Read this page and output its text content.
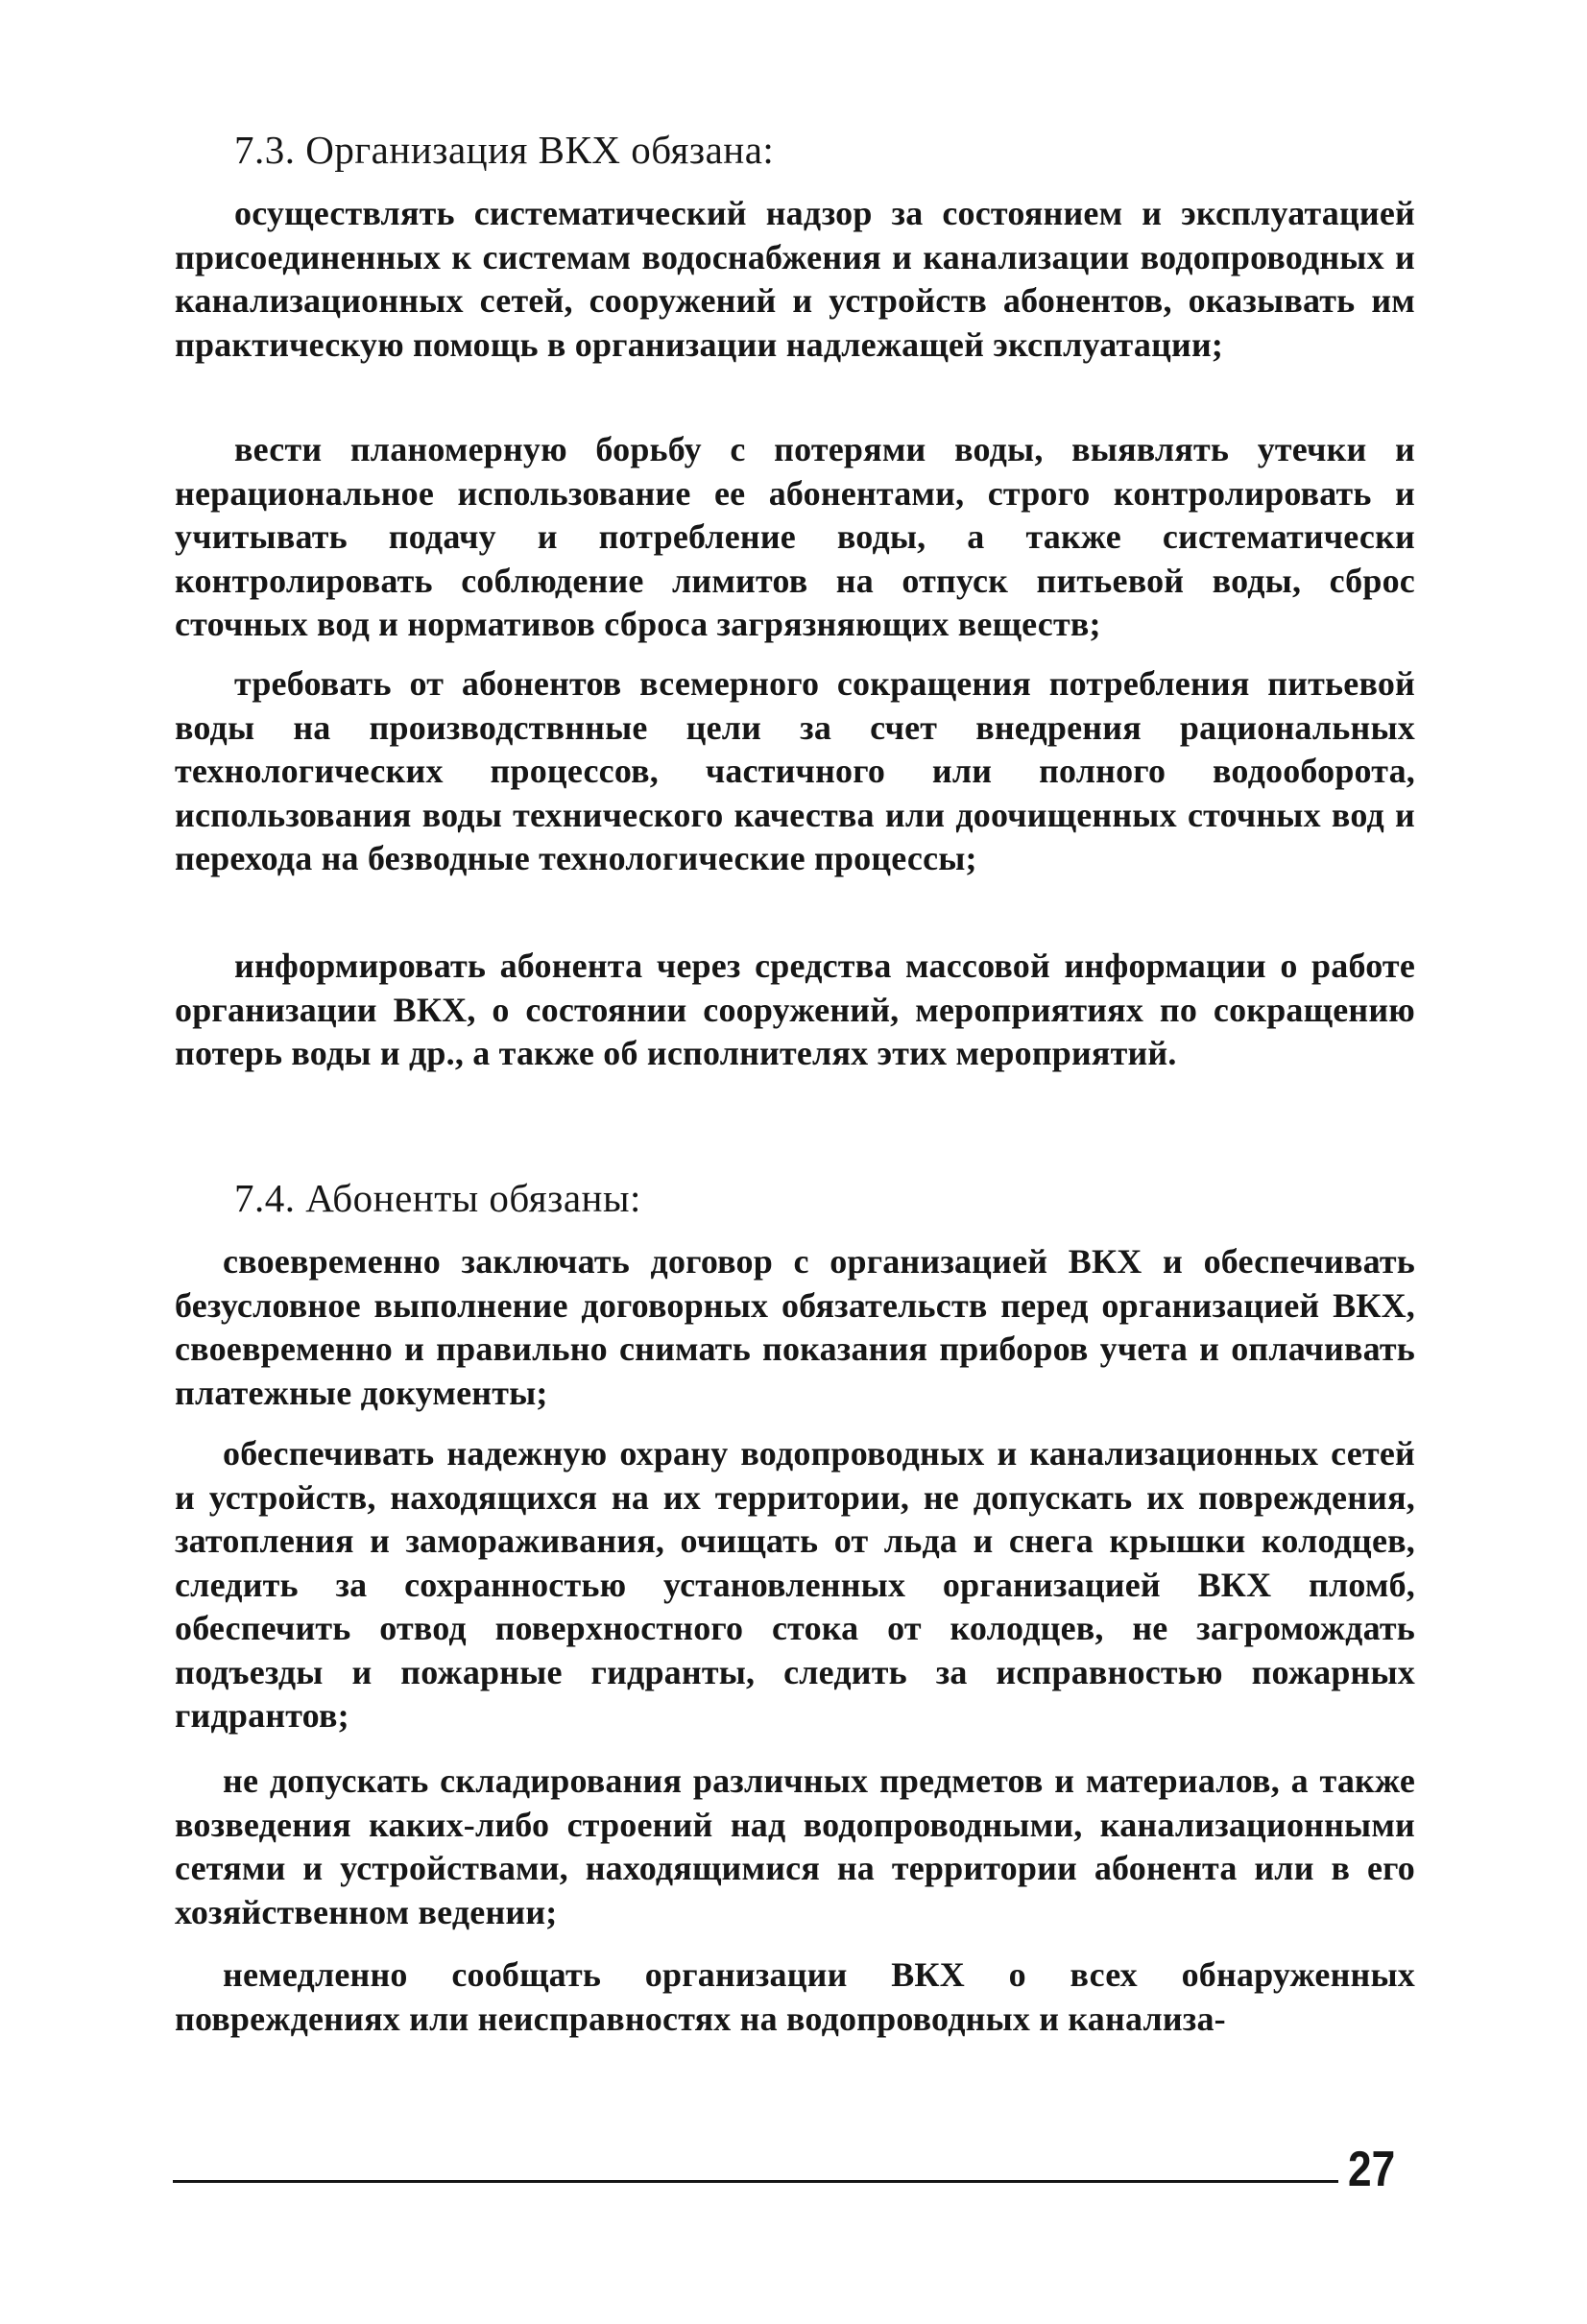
7.3. Организация ВКХ обязана:

осуществлять систематический надзор за состоянием и эксплуатацией присоединенных к системам водоснабжения и канализации водопроводных и канализационных сетей, сооружений и устройств абонентов, оказывать им практическую помощь в организации надлежащей эксплуатации;

вести планомерную борьбу с потерями воды, выявлять утечки и нерациональное использование ее абонентами, строго контролировать и учитывать подачу и потребление воды, а также систематически контролировать соблюдение лимитов на отпуск питьевой воды, сброс сточных вод и нормативов сброса загрязняющих веществ;

требовать от абонентов всемерного сокращения потребления питьевой воды на производствнные цели за счет внедрения рациональных технологических процессов, частичного или полного водооборота, использования воды технического качества или доочищенных сточных вод и перехода на безводные технологические процессы;

информировать абонента через средства массовой информации о работе организации ВКХ, о состоянии сооружений, мероприятиях по сокращению потерь воды и др., а также об исполнителях этих мероприятий.

7.4. Абоненты обязаны:

своевременно заключать договор с организацией ВКХ и обеспечивать безусловное выполнение договорных обязательств перед организацией ВКХ, своевременно и правильно снимать показания приборов учета и оплачивать платежные документы;

обеспечивать надежную охрану водопроводных и канализационных сетей и устройств, находящихся на их территории, не допускать их повреждения, затопления и замораживания, очищать от льда и снега крышки колодцев, следить за сохранностью установленных организацией ВКХ пломб, обеспечить отвод поверхностного стока от колодцев, не загромождать подъезды и пожарные гидранты, следить за исправностью пожарных гидрантов;

не допускать складирования различных предметов и материалов, а также возведения каких-либо строений над водопроводными, канализационными сетями и устройствами, находящимися на территории абонента или в его хозяйственном ведении;

немедленно сообщать организации ВКХ о всех обнаруженных повреждениях или неисправностях на водопроводных и канализа-

27
